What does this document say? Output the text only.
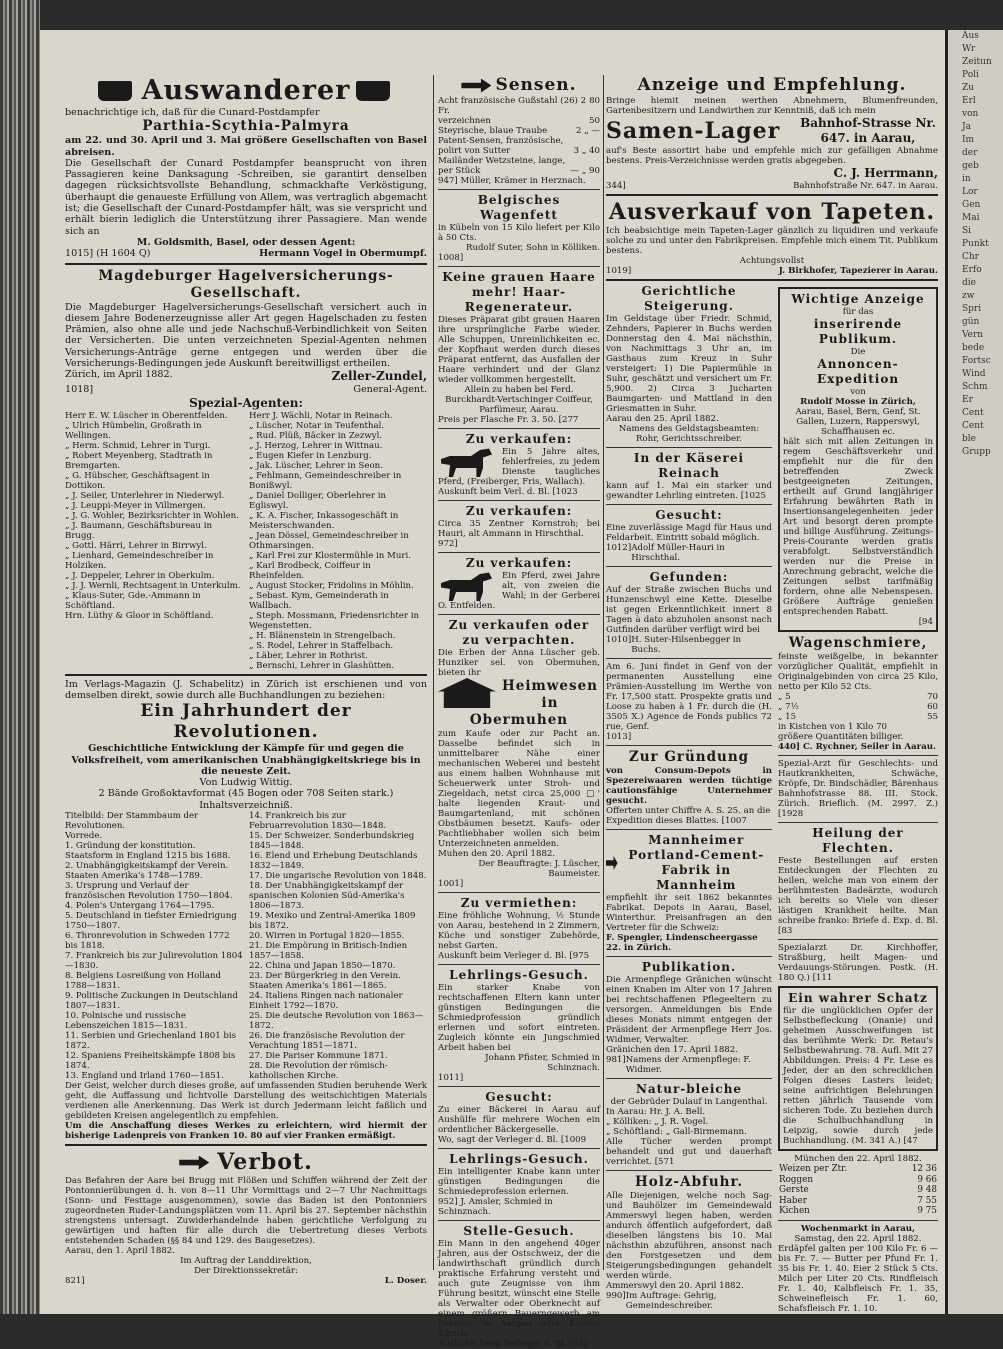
Auswanderer

benachrichtige ich, daß für die Cunard-Postdampfer

Parthia-Scythia-Palmyra

am 22. und 30. April und 3. Mai größere Gesellschaften von Basel abreisen.

Die Gesellschaft der Cunard Postdampfer beansprucht von ihren Passagieren keine Danksagung -Schreiben, sie garantirt denselben dagegen rücksichtsvollste Behandlung, schmackhafte Verköstigung, überhaupt die genaueste Erfüllung von Allem, was vertraglich abgemacht ist; die Gesellschaft der Cunard-Postdampfer hält, was sie verspricht und erhält bierin lediglich die Unterstützung ihrer Passagiere. Man wende sich an

M. Goldsmith, Basel, oder dessen Agent:
1015] (H 1604 Q)	Hermann Vogel in Obermumpf.
Magdeburger Hagelversicherungs-Gesellschaft.

Die Magdeburger Hagelversicherungs-Gesellschaft versichert auch in diesem Jahre Bodenerzeugnisse aller Art gegen Hagelschaden zu festen Prämien, also ohne alle und jede Nachschuß-Verbindlichkeit von Seiten der Versicherten. Die unten verzeichneten Spezial-Agenten nehmen Versicherungs-Anträge gerne entgegen und werden über die Versicherungs-Bedingungen jede Auskunft bereitwilligst ertheilen.

Zürich, im April 1882.	Zeller-Zundel,
1018]	General-Agent.
Spezial-Agenten:
Herr E. W. Lüscher in Oberentfelden.
„ Ulrich Hümbelin, Großrath in Wellingen.
„ Herm. Schmid, Lehrer in Turgi.
„ Robert Meyenberg, Stadtrath in Bremgarten.
„ G. Hübscher, Geschäftsagent in Dottikon.
„ J. Seiler, Unterlehrer in Niederwyl.
„ J. Leuppi-Meyer in Villmergen.
„ J. G. Wohler, Bezirksrichter in Wohlen.
„ J. Baumann, Geschäftsbureau in Brugg.
„ Gottl. Härri, Lehrer in Birrwyl.
„ Lienhard, Gemeindeschreiber in Holziken.
„ J. Deppeler, Lehrer in Oberkulm.
„ J. J. Wernli, Rechtsagent in Unterkulm.
„ Klaus-Suter, Gde.-Ammann in Schöftland.
Hrn. Lüthy & Gloor in Schöftland.
Herr J. Wächli, Notar in Reinach.
„ Lüscher, Notar in Teufenthal.
„ Rud. Plüß, Bäcker in Zezwyl.
„ J. Herzog, Lehrer in Wittnau.
„ Eugen Kiefer in Lenzburg.
„ Jak. Lüscher, Lehrer in Seon.
„ Fehlmann, Gemeindeschreiber in Bonißwyl.
„ Daniel Dolliger, Oberlehrer in Egliswyl.
„ K. A. Fischer, Inkassogeschäft in Meisterschwanden.
„ Jean Dössel, Gemeindeschreiber in Othmarsingen.
„ Karl Frei zur Klostermühle in Muri.
„ Karl Brodbeck, Coiffeur in Rheinfelden.
„ August Stocker, Fridolins in Möhlin.
„ Sebast. Kym, Gemeinderath in Wallbach.
„ Steph. Mossmann, Friedensrichter in Wegenstetten.
„ H. Blänenstein in Strengelbach.
„ S. Rodel, Lehrer in Staffelbach.
„ Läber, Lehrer in Rothrist.
„ Bernschi, Lehrer in Glashütten.

Im Verlags-Magazin (J. Schabelitz) in Zürich ist erschienen und von demselben direkt, sowie durch alle Buchhandlungen zu beziehen:

Ein Jahrhundert der Revolutionen.
Geschichtliche Entwicklung der Kämpfe für und gegen die Volksfreiheit, vom amerikanischen Unabhängigkeitskriege bis in die neueste Zeit.
Von Ludwig Wittig.
2 Bände Großoktavformat (45 Bogen oder 708 Seiten stark.)
Inhaltsverzeichniß.
Titelbild: Der Stammbaum der Revolutionen.
Vorrede.
1. Gründung der konstitution. Staatsform in England 1215 bis 1688.
2. Unabhängigkeitskampf der Verein. Staaten Amerika's 1748—1789.
3. Ursprung und Verlauf der französischen Revolution 1750—1804.
4. Polen's Untergang 1764—1795.
5. Deutschland in tiefster Erniedrigung 1750—1807.
6. Thronrevolution in Schweden 1772 bis 1818.
7. Frankreich bis zur Julirevolution 1804—1830.
8. Belgiens Losreißung von Holland 1788—1831.
9. Politische Zuckungen in Deutschland 1807—1831.
10. Polnische und russische Lebenszeichen 1815—1831.
11. Serbien und Griechenland 1801 bis 1872.
12. Spaniens Freiheitskämpfe 1808 bis 1874.
13. England und Irland 1760—1851.
14. Frankreich bis zur Februarrevolution 1830—1848.
15. Der Schweizer. Sonderbundskrieg 1845—1848.
16. Elend und Erhebung Deutschlands 1832—1849.
17. Die ungarische Revolution von 1848.
18. Der Unabhängigkeitskampf der spanischen Kolonien Süd-Amerika's 1806—1873.
19. Mexiko und Zentral-Amerika 1809 bis 1872.
20. Wirren in Portugal 1820—1855.
21. Die Empörung in Britisch-Indien 1857—1858.
22. China und Japan 1850—1870.
23. Der Bürgerkrieg in den Verein. Staaten Amerika's 1861—1865.
24. Italiens Ringen nach nationaler Einheit 1792—1870.
25. Die deutsche Revolution von 1863—1872.
26. Die französische Revolution der Verachtung 1851—1871.
27. Die Pariser Kommune 1871.
28. Die Revolution der römisch-katholischen Kirche.

Der Geist, welcher durch dieses große, auf umfassenden Studien beruhende Werk geht, die Auffassung und lichtvolle Darstellung des weitschichtigen Materials verdienen alle Anerkennung. Das Werk ist durch Jedermann leicht faßlich und gebildeten Kreisen angelegentlich zu empfehlen.

Um die Anschaffung dieses Werkes zu erleichtern, wird hiermit der bisherige Ladenpreis von Franken 10. 80 auf vier Franken ermäßigt.

Verbot.

Das Befahren der Aare bei Brugg mit Flößen und Schiffen während der Zeit der Pontonnierübungen d. h. von 8—11 Uhr Vormittags und 2—7 Uhr Nachmittags (Sonn- und Festtage ausgenommen), sowie das Baden ist den Pontonniers zugeordneten Ruder-Landungsplätzen vom 11. April bis 27. September nächsthin strengstens untersagt. Zuwiderhandelnde haben gerichtliche Verfolgung zu gewärtigen und haften für alle durch die Uebertretung dieses Verbots entstehenden Schaden (§§ 84 und 129. des Baugesetzes).

Aarau, den 1. April 1882.
Im Auftrag der Landdirektion,
Der Direktionssekretär:
821]	L. Doser.
Sensen.
Acht französische Gußstahl (26) 2 Fr.
80
verzeichnen	50
Steyrische, blaue Traube	2 „ —
Patent-Sensen, französische,
polirt von Sutter	3 „ 40
Mailänder Wetzsteine, lange,
per Stück	— „ 90
947] Müller, Krämer in Herznach.
Belgisches Wagenfett

in Kübeln von 15 Kilo liefert per Kilo à 50 Cts.

Rudolf Suter, Sohn in Kölliken.
1008]
Keine grauen Haare mehr! Haar-Regenerateur.

Dieses Präparat gibt grauen Haaren ihre ursprüngliche Farbe wieder. Alle Schuppen, Unreinlichkeiten ec. der Kopfhaut werden durch dieses Präparat entfernt, das Ausfallen der Haare verhindert und der Glanz wieder vollkommen hergestellt.

Allein zu haben bei Ferd. Burckhardt-Vertschinger Coiffeur, Parfümeur, Aarau.

Preis per Flasche Fr. 3. 50. [277
Zu verkaufen:

Ein 5 Jahre altes, fehlerfreies, zu jedem Dienste taugliches Pferd, (Freiberger, Fris, Wallach).

Auskunft beim Verl. d. Bl. [1023
Zu verkaufen:

Circa 35 Zentner Kornstroh; bei Hauri, alt Ammann in Hirschthal.

972]
Zu verkaufen:

Ein Pferd, zwei Jahre alt, von zweien die Wahl; in der Gerberei O. Entfelden.

Zu verkaufen oder zu verpachten.

Die Erben der Anna Lüscher geb. Hunziker sel. von Obermuhen, bieten ihr

Heimwesen in Obermuhen

zum Kaufe oder zur Pacht an. Dasselbe befindet sich in unmittelbarer Nähe einer mechanischen Weberei und besteht aus einem halben Wohnhause mit Scheuerwerk unter Stroh- und Ziegeldach, netst circa 25,000 □' halte liegenden Kraut- und Baumgartenland, mit schönen Obstbäumen besetzt. Kaufs- oder Pachtliebhaber wollen sich beim Unterzeichneten anmelden.

Muhen den 20. April 1882.
Der Beauftragte: J. Lüscher, Baumeister.
1001]
Zu vermiethen:

Eine fröhliche Wohnung, ½ Stunde von Aarau, bestehend in 2 Zimmern, Küche und sonstiger Zubehörde, nebst Garten.

Auskunft beim Verleger d. Bl. [975
Lehrlings-Gesuch.

Ein starker Knabe von rechtschaffenen Eltern kann unter günstigen Bedingungen die Schmiedprofession gründlich erlernen und sofort eintreten. Zugleich könnte ein Jungschmied Arbeit haben bei

Johann Pfister, Schmied in Schinznach.
1011]
Gesucht:

Zu einer Bäckerei in Aarau auf Aushülfe für mehrere Wochen ein ordentlicher Bäckergeselle.

Wo, sagt der Verleger d. Bl. [1009
Lehrlings-Gesuch.

Ein intelligenter Knabe kann unter günstigen Bedingungen die Schmiedeprofession erlernen.

952] J. Amsler, Schmied in Schinznach.
Stelle-Gesuch.

Ein Mann in den angehend 40ger Jahren, aus der Ostschweiz, der die landwirthschaft gründlich durch praktische Erfahrung versteht und auch gute Zeugnisse von ihm Führung besitzt, wünscht eine Stelle als Verwalter oder Oberknecht auf einem größern Bauerngewerb am liebsten im Aargau oder Kanton Zürich.

Auskunft beim Verleger d. Bl. [922
Anzeige und Empfehlung.

Bringe hiemit meinen werthen Abnehmern, Blumenfreunden, Gartenbesitzern und Landwirthen zur Kenntniß, daß ich mein

Samen-Lager Bahnhof-Strasse Nr. 647. in Aarau,

auf's Beste assortirt habe und empfehle mich zur gefälligen Abnahme bestens. Preis-Verzeichnisse werden gratis abgegeben.

C. J. Herrmann,
344]	Bahnhofstraße Nr. 647. in Aarau.
Ausverkauf von Tapeten.

Ich beabsichtige mein Tapeten-Lager gänzlich zu liquidiren und verkaufe solche zu und unter den Fabrikpreisen. Empfehle mich einem Tit. Publikum bestens.

Achtungsvollst
1019]	J. Birkhofer, Tapezierer in Aarau.
Gerichtliche Steigerung.

Im Geldstage über Friedr. Schmid, Zehnders, Papierer in Buchs werden Donnerstag den 4. Mai nächsthin, von Nachmittags 3 Uhr an, im Gasthaus zum Kreuz in Suhr versteigert: 1) Die Papiermühle in Suhr, geschätzt und versichert um Fr. 5,900. 2) Circa 3 Jucharten Baumgarten- und Mattland in den Griesmatten in Suhr.

Aarau den 25. April 1882.
Namens des Geldstagsbeamten: Rohr, Gerichtsschreiber.
In der Käserei Reinach

kann auf 1. Mai ein starker und gewandter Lehrling eintreten. [1025

Gesucht:

Eine zuverlässige Magd für Haus und Feldarbeit. Eintritt sobald möglich.

1012] Adolf Müller-Hauri in Hirschthal.
Gefunden:

Auf der Straße zwischen Buchs und Hunzenschwyl eine Kette. Dieselbe ist gegen Erkenntlichkeit innert 8 Tagen à dato abzuholen ansonst nach Gutfinden darüber verfügt wird bei

1010] H. Suter-Hilsenbegger in Buchs.

Am 6. Juni findet in Genf von der permanenten Ausstellung eine Prämien-Ausstellung im Werthe von Fr. 17,500 statt. Prospekte gratis und Loose zu haben à 1 Fr. durch die (H. 3505 X.) Agence de Fonds publics 72 rue, Genf.

1013]
Zur Gründung

von Consum-Depots in Spezereiwaaren werden tüchtige cautionsfähige Unternehmer gesucht.

Offerten unter Chiffre A. S. 25. an die Expedition dieses Blattes. [1007
Mannheimer Portland-Cement-Fabrik in Mannheim

empfiehlt ihr seit 1862 bekanntes Fabrikat. Depots in Aarau, Basel, Winterthur. Preisanfragen an den Vertreter für die Schweiz:

F. Spengler, Lindenscheergasse 22. in Zürich.
Publikation.

Die Armenpflege Gränichen wünscht einen Knaben im Alter von 17 Jahren bei rechtschaffenen Pflegeeltern zu versorgen. Anmeldungen bis Ende dieses Monats nimmt entgegen der Präsident der Armenpflege Herr Jos. Widmer, Verwalter.

Gränichen den 17. April 1882.
981] Namens der Armenpflege: F. Widmer.
Natur-bleiche
der Gebrüder Dulauf in Langenthal.
In Aarau: Hr. J. A. Bell.
„ Kölliken: „ J. R. Vogel.
„ Schöftland: „ Gall-Birmemann.

Alle Tücher werden prompt behandelt und gut und dauerhaft verrichtet. [571

Holz-Abfuhr.

Alle Diejenigen, welche noch Sag- und Bauhölzer im Gemeindewald Ammerswyl liegen haben, werden andurch öffentlich aufgefordert, daß dieselben längstens bis 10. Mai nächsthin abzuführen, ansonst nach den Forstgesetzen und dem Steigerungsbedingungen gehandelt werden würde.

Ammerswyl den 20. April 1882.
990] Im Auftrage: Gehrig, Gemeindeschreiber.
Wichtige Anzeige
für das
inserirende Publikum.
Die
Annoncen-Expedition
von
Rudolf Mosse in Zürich,
Aarau, Basel, Bern, Genf, St. Gallen, Luzern, Rapperswyl, Schaffhausen ec.

hält sich mit allen Zeitungen in regem Geschäftsverkehr und empfiehlt nur die für den betreffenden Zweck bestgeeigneten Zeitungen, ertheilt auf Grund langjähriger Erfahrung bewährten Rath in Insertionsangelegenheiten jeder Art und besorgt deren prompte und billige Ausführung. Zeitungs-Preis-Courante werden gratis verabfolgt. Selbstverständlich werden nur die Preise in Anrechnung gebracht, welche die Zeitungen selbst tarifmäßig fordern, ohne alle Nebenspesen. Größere Aufträge genießen entsprechenden Rabatt.

[94
Wagenschmiere,

feinste weißgelbe, in bekannter vorzüglicher Qualität, empfiehlt in Originalgebinden von circa 25 Kilo, netto per Kilo 52 Cts.

„ 5	70
„ 7½	60
„ 15	55
in Kistchen von 1 Kilo 70
größere Quantitäten billiger.
440] C. Rychner, Seiler in Aarau.

Spezial-Arzt für Geschlechts- und Hautkrankheiten, Schwäche, Kröpfe, Dr. Bindschädler, Bärenhaus Bahnhofstrasse 88. III. Stock. Zürich. Brieflich. (M. 2997. Z.) [1928

Heilung der Flechten.

Feste Bestellungen auf ersten Entdeckungen der Flechten zu heilen, welche man von einem der berühmtesten Badeärzte, wodurch ich bereits so Viele von dieser lästigen Krankheit heilte. Man schreibe franko: Briefe d. Exp. d. Bl. [83

Spezialarzt Dr. Kirchhoffer, Straßburg, heilt Magen- und Verdauungs-Störungen. Postk. (H. 180 Q.) [111

Ein wahrer Schatz

für die unglücklichen Opfer der Selbstbefleckung (Onanie) und geheimen Ausschweifungen ist das berühmte Werk: Dr. Retau's Selbstbewahrung. 78. Aufl. Mit 27 Abbildungen. Preis: 4 Fr. Lese es Jeder, der an den schrecklichen Folgen dieses Lasters leidet; seine aufrichtigen Belehrungen retten jährlich Tausende vom sicheren Tode. Zu beziehen durch die Schulbuchhandlung in Leipzig, sowie durch jede Buchhandlung. (M. 341 A.) [47

München den 22. April 1882.
Weizen per Ztr.	12 36
Roggen	9 66
Gerste	9 48
Haber	7 55
Kichen	9 75
Wochenmarkt in Aarau,
Samstag, den 22. April 1882.

Erdäpfel galten per 100 Kilo Fr. 6 — bis Fr. 7. — Butter per Pfund Fr. 1. 35 bis Fr. 1. 40. Eier 2 Stück 5 Cts. Milch per Liter 20 Cts. Rindfleisch Fr. 1. 40, Kalbfleisch Fr. 1. 35, Schweinefleisch Fr. 1. 60, Schafsfleisch Fr. 1. 10.

Aus
Wr
Zeitun
Poli
Zu
Erl
von
Ja
Im
der
geb
in
Lor
Gen
Mai
Si
Punkt
Chr
Erfo
die
zw
Spri
gün
Vern
bede
Fortsc
Wind
Schm
Er
Cent
Cent
ble
Grupp
